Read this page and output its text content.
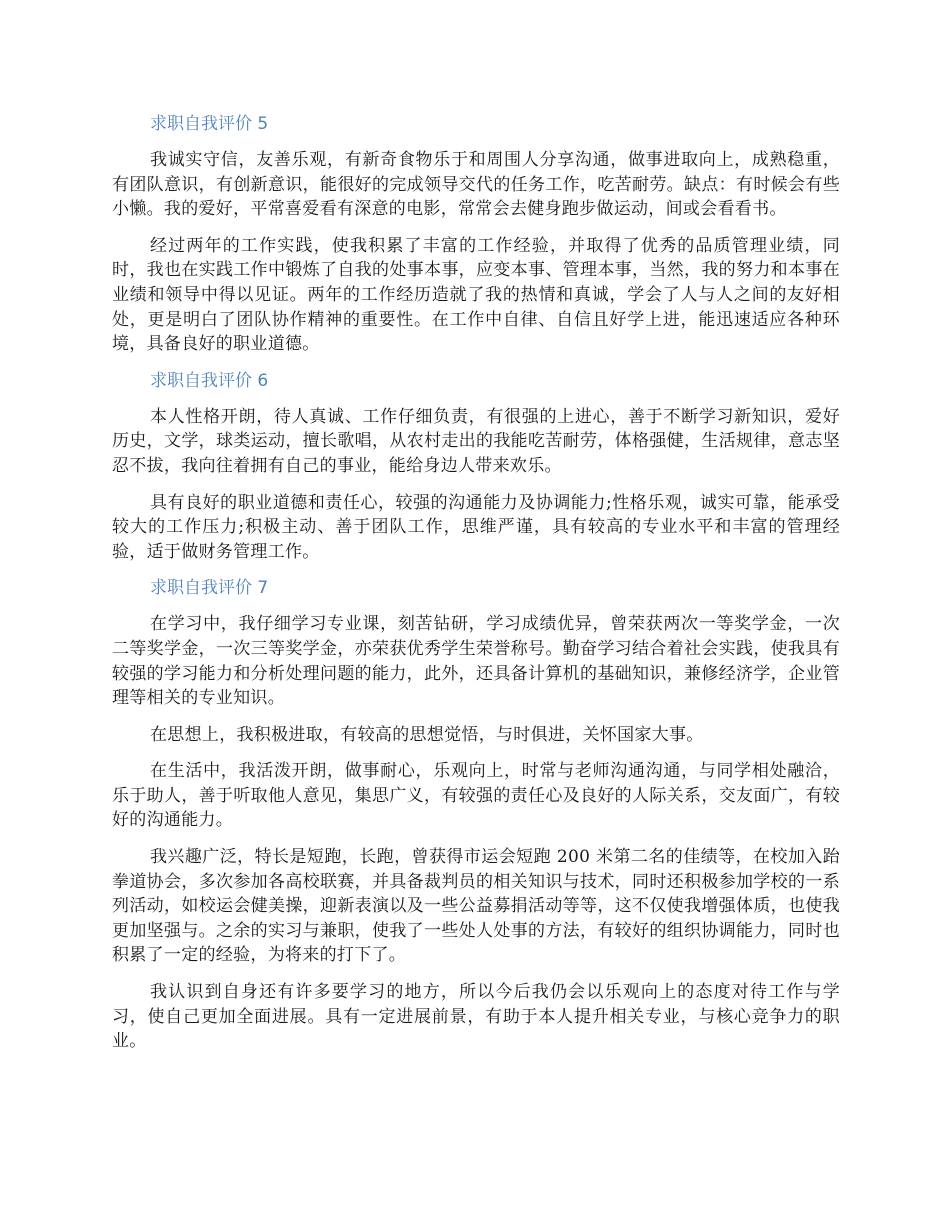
求职自我评价 5

我诚实守信，友善乐观，有新奇食物乐于和周围人分享沟通，做事进取向上，成熟稳重，有团队意识，有创新意识，能很好的完成领导交代的任务工作，吃苦耐劳。缺点：有时候会有些小懒。我的爱好，平常喜爱看有深意的电影，常常会去健身跑步做运动，间或会看看书。

经过两年的工作实践，使我积累了丰富的工作经验，并取得了优秀的品质管理业绩，同时，我也在实践工作中锻炼了自我的处事本事，应变本事、管理本事，当然，我的努力和本事在业绩和领导中得以见证。两年的工作经历造就了我的热情和真诚，学会了人与人之间的友好相处，更是明白了团队协作精神的重要性。在工作中自律、自信且好学上进，能迅速适应各种环境，具备良好的职业道德。

求职自我评价 6

本人性格开朗，待人真诚、工作仔细负责，有很强的上进心，善于不断学习新知识，爱好历史，文学，球类运动，擅长歌唱，从农村走出的我能吃苦耐劳，体格强健，生活规律，意志坚忍不拔，我向往着拥有自己的事业，能给身边人带来欢乐。

具有良好的职业道德和责任心，较强的沟通能力及协调能力;性格乐观，诚实可靠，能承受较大的工作压力;积极主动、善于团队工作，思维严谨，具有较高的专业水平和丰富的管理经验，适于做财务管理工作。

求职自我评价 7

在学习中，我仔细学习专业课，刻苦钻研，学习成绩优异，曾荣获两次一等奖学金，一次二等奖学金，一次三等奖学金，亦荣获优秀学生荣誉称号。勤奋学习结合着社会实践，使我具有较强的学习能力和分析处理问题的能力，此外，还具备计算机的基础知识，兼修经济学，企业管理等相关的专业知识。

在思想上，我积极进取，有较高的思想觉悟，与时俱进，关怀国家大事。

在生活中，我活泼开朗，做事耐心，乐观向上，时常与老师沟通沟通，与同学相处融洽，乐于助人，善于听取他人意见，集思广义，有较强的责任心及良好的人际关系，交友面广，有较好的沟通能力。

我兴趣广泛，特长是短跑，长跑，曾获得市运会短跑 200 米第二名的佳绩等，在校加入跆拳道协会，多次参加各高校联赛，并具备裁判员的相关知识与技术，同时还积极参加学校的一系列活动，如校运会健美操，迎新表演以及一些公益募捐活动等等，这不仅使我增强体质，也使我更加坚强与。之余的实习与兼职，使我了一些处人处事的方法，有较好的组织协调能力，同时也积累了一定的经验，为将来的打下了。

我认识到自身还有许多要学习的地方，所以今后我仍会以乐观向上的态度对待工作与学习，使自己更加全面进展。具有一定进展前景，有助于本人提升相关专业，与核心竞争力的职业。
